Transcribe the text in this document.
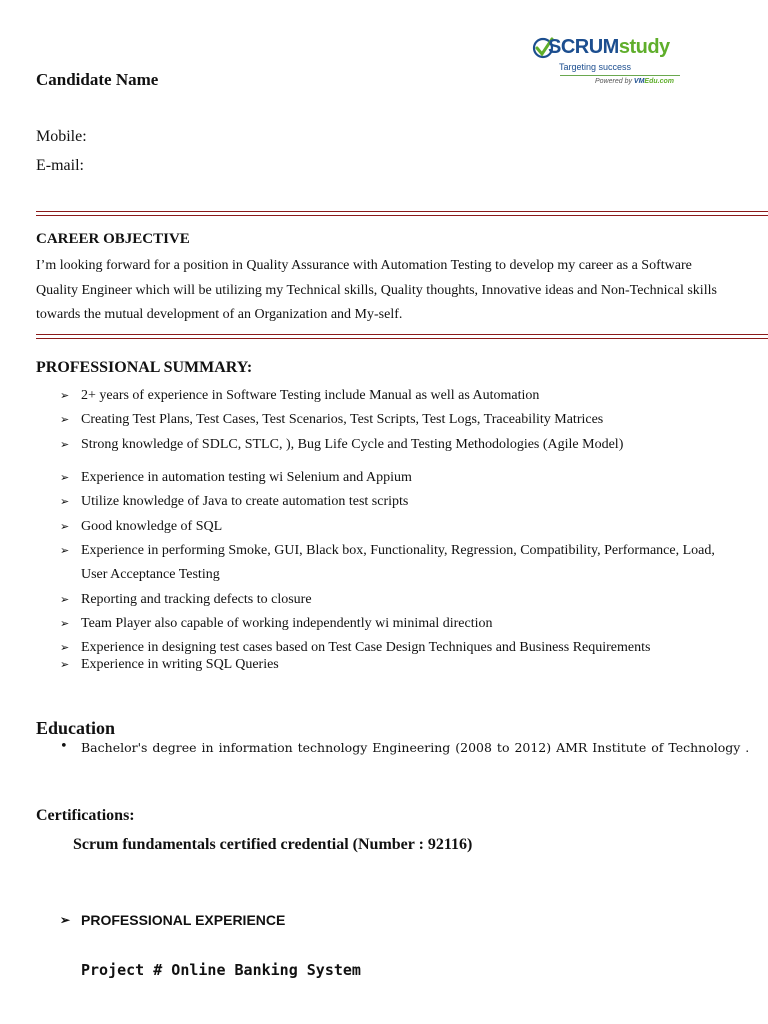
Candidate Name
Mobile:
E-mail:
SCRUMstudy
Targeting success
Powered by VMEdu.com
CAREER OBJECTIVE
I’m looking forward for a position in Quality Assurance with Automation Testing to develop my career as a Software Quality Engineer which will be utilizing my Technical skills, Quality thoughts, Innovative ideas and Non-Technical skills towards the mutual development of an Organization and My-self.
PROFESSIONAL SUMMARY:
➢ 2+ years of experience in Software Testing include Manual as well as Automation
➢ Creating Test Plans, Test Cases, Test Scenarios, Test Scripts, Test Logs, Traceability Matrices
➢ Strong knowledge of SDLC, STLC, ), Bug Life Cycle and Testing Methodologies (Agile Model)
➢ Experience in automation testing wi Selenium and Appium
➢ Utilize knowledge of Java to create automation test scripts
➢ Good knowledge of SQL
➢ Experience in performing Smoke, GUI, Black box, Functionality, Regression, Compatibility, Performance, Load, User Acceptance Testing
➢ Reporting and tracking defects to closure
➢ Team Player also capable of working independently wi minimal direction
➢ Experience in designing test cases based on Test Case Design Techniques and Business Requirements
➢ Experience in writing SQL Queries
Education
• Bachelor's degree in information technology Engineering (2008 to 2012) AMR Institute of Technology .
Certifications:
Scrum fundamentals certified credential (Number : 92116)
➢ PROFESSIONAL EXPERIENCE
Project # Online Banking System
